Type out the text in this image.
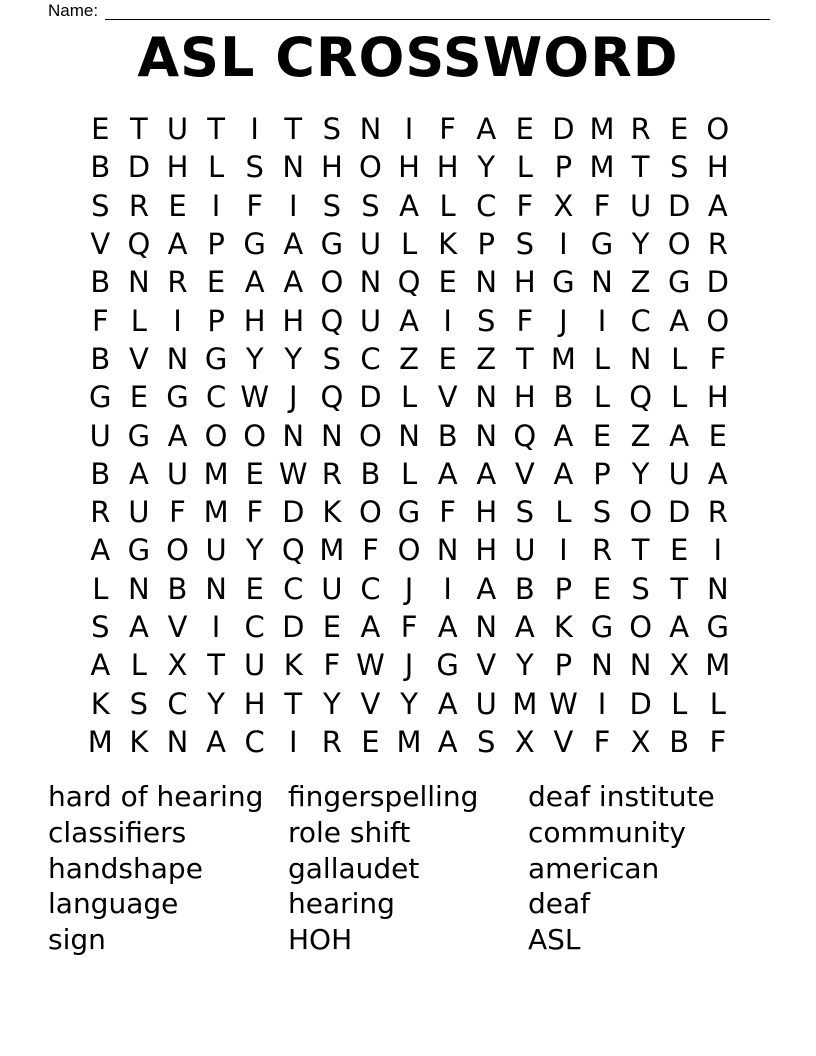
Name:
ASL CROSSWORD
E T U T I T S N I F A E D M R E O
B D H L S N H O H H Y L P M T S H
S R E I F I S S A L C F X F U D A
V Q A P G A G U L K P S I G Y O R
B N R E A A O N Q E N H G N Z G D
F L I P H H Q U A I S F J	I C A O
B V N G Y Y S C Z E Z T M L N L F
G E G C W J Q D L V N H B L Q L H
U G A O O N N O N B N Q A E Z A E
B A U M E W R B L A A V A P Y U A
R U F M F D K O G F H S L S O D R
A G O U Y Q M F O N H U I R T E I
L N B N E C U C J	I A B P E S T N
S A V I C D E A F A N A K G O A G
A L X T U K F W J G V Y P N N X M
K S C Y H T Y V Y A U M W I D L L
M K N A C I R E M A S X V F X B F
hard of hearing
classifiers
handshape
language
sign
fingerspelling
role shift
gallaudet
hearing
HOH
deaf institute
community
american
deaf
ASL
